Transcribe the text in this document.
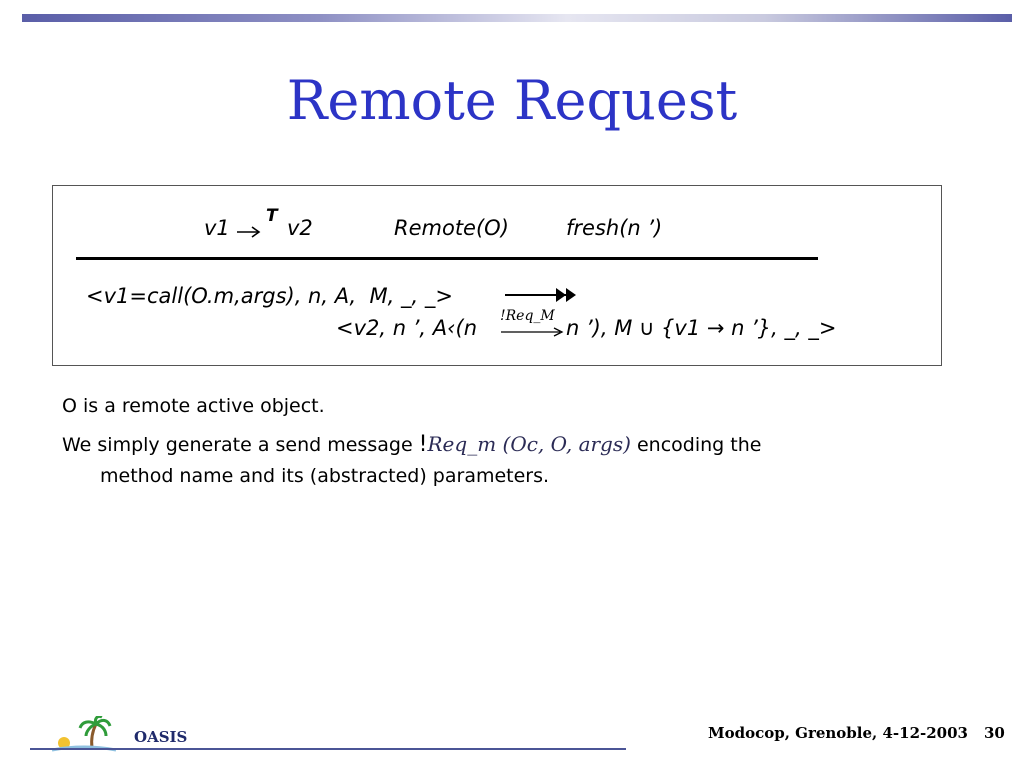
Remote Request
v1 T v2	Remote(O)	fresh(n ’)
<v1=call(O.m,args), n, A,  M, _, _>
!Req_M
<v2, n ’, A‹(n	n ’), M ∪ {v1 → n ’}, _, _>
O is a remote active object.
We simply generate a send message !Req_m (Oc, O, args) encoding the
method name and its (abstracted) parameters.
OASIS	Modocop, Grenoble, 4-12-2003 30
